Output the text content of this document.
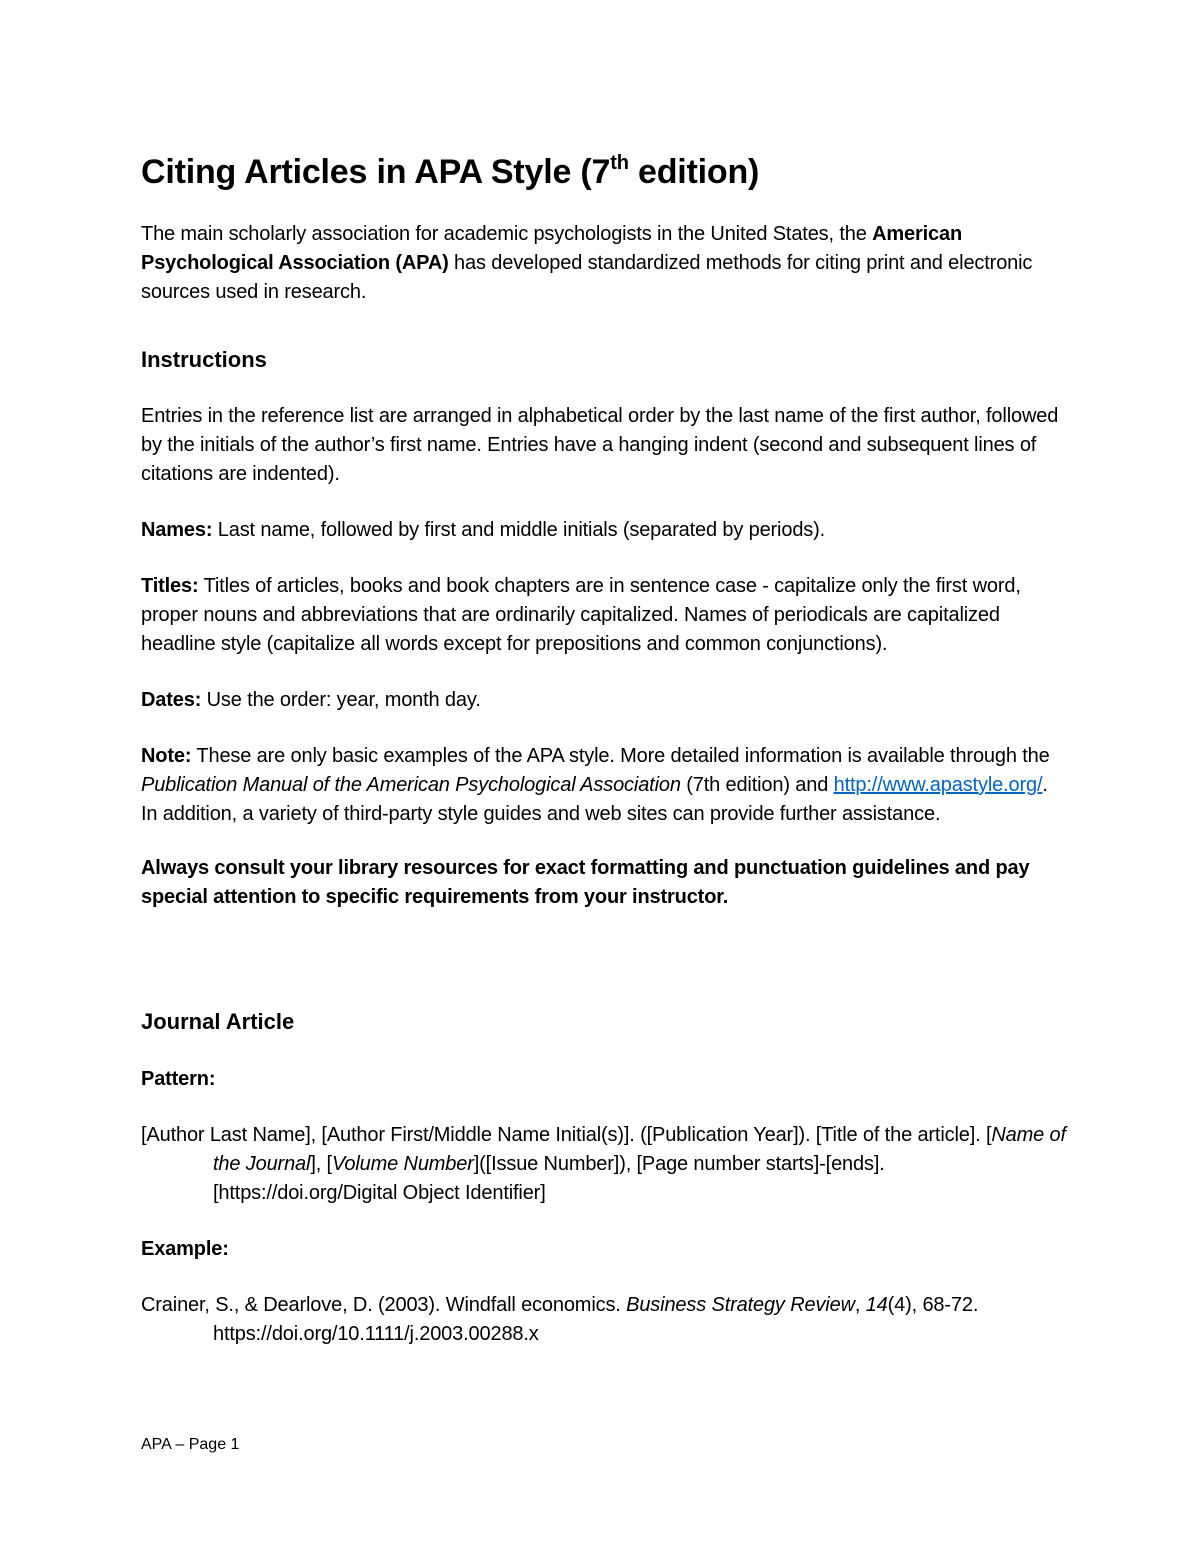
Citing Articles in APA Style (7th edition)

The main scholarly association for academic psychologists in the United States, the American Psychological Association (APA) has developed standardized methods for citing print and electronic sources used in research.

Instructions

Entries in the reference list are arranged in alphabetical order by the last name of the first author, followed by the initials of the author’s first name. Entries have a hanging indent (second and subsequent lines of citations are indented).

Names: Last name, followed by first and middle initials (separated by periods).

Titles: Titles of articles, books and book chapters are in sentence case - capitalize only the first word, proper nouns and abbreviations that are ordinarily capitalized. Names of periodicals are capitalized headline style (capitalize all words except for prepositions and common conjunctions).

Dates: Use the order: year, month day.

Note: These are only basic examples of the APA style. More detailed information is available through the Publication Manual of the American Psychological Association (7th edition) and http://www.apastyle.org/. In addition, a variety of third-party style guides and web sites can provide further assistance.

Always consult your library resources for exact formatting and punctuation guidelines and pay special attention to specific requirements from your instructor.

Journal Article

Pattern:

[Author Last Name], [Author First/Middle Name Initial(s)]. ([Publication Year]). [Title of the article]. [Name of the Journal], [Volume Number]([Issue Number]), [Page number starts]-[ends]. [https://doi.org/Digital Object Identifier]

Example:

Crainer, S., & Dearlove, D. (2003). Windfall economics. Business Strategy Review, 14(4), 68-72. https://doi.org/10.1111/j.2003.00288.x

APA – Page 1
